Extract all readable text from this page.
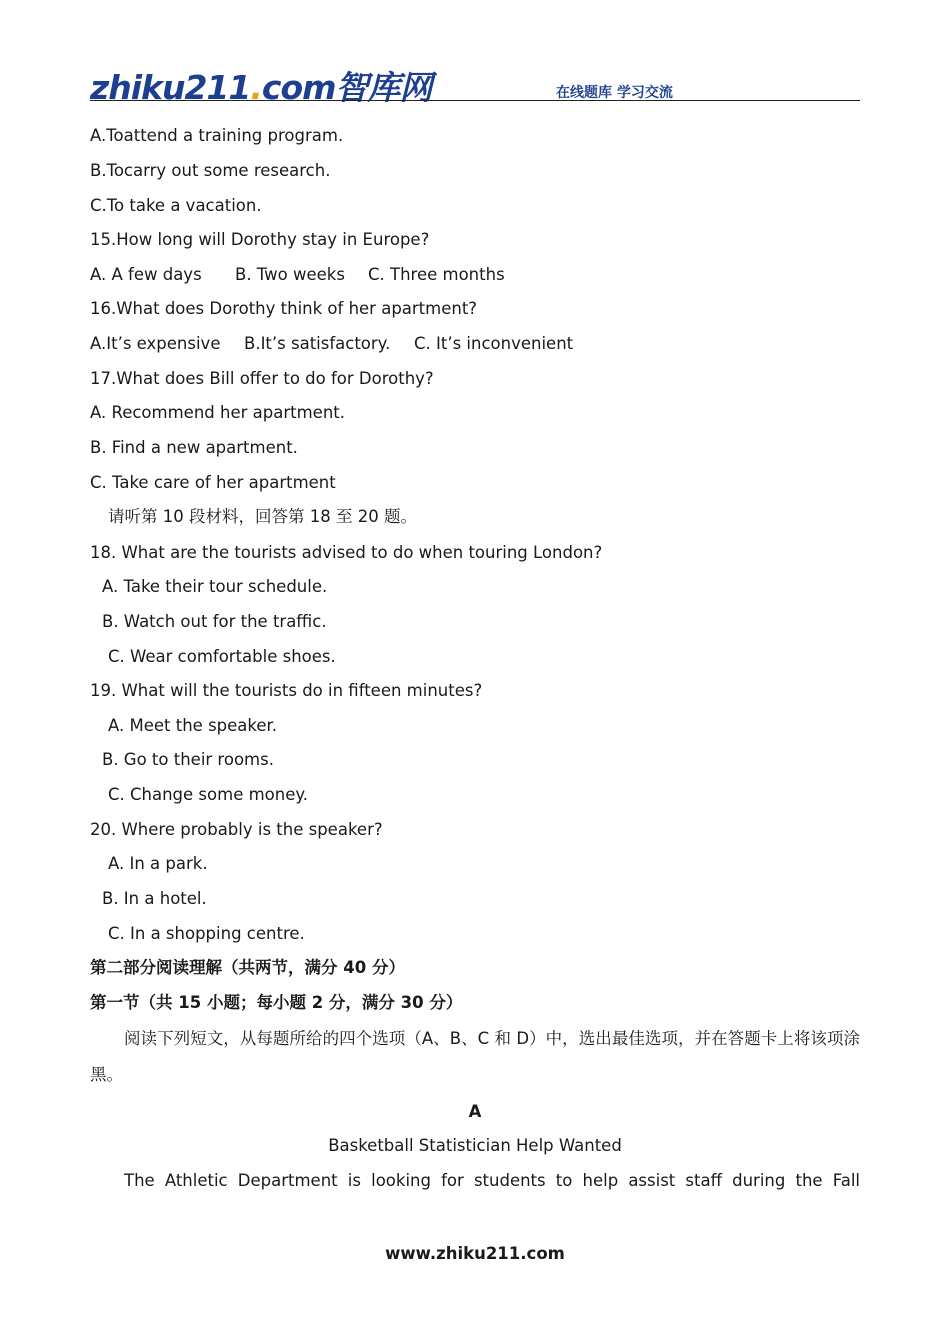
zhiku211.com智库网	在线题库 学习交流
A.Toattend a training program.
B.Tocarry out some research.
C.To take a vacation.
15.How long will Dorothy stay in Europe?
A. A few days B. Two weeks C. Three months
16.What does Dorothy think of her apartment?
A.It’s expensive B.It’s satisfactory. C. It’s inconvenient
17.What does Bill offer to do for Dorothy?
A. Recommend her apartment.
B. Find a new apartment.
C. Take care of her apartment
请听第 10 段材料，回答第 18 至 20 题。
18. What are the tourists advised to do when touring London?
A. Take their tour schedule.
B. Watch out for the traffic.
C. Wear comfortable shoes.
19. What will the tourists do in fifteen minutes?
A. Meet the speaker.
B. Go to their rooms.
C. Change some money.
20. Where probably is the speaker?
A. In a park.
B. In a hotel.
C. In a shopping centre.
第二部分阅读理解（共两节，满分 40 分）
第一节（共 15 小题；每小题 2 分，满分 30 分）
阅读下列短文，从每题所给的四个选项（A、B、C 和 D）中，选出最佳选项，并在答题卡上将该项涂黑。
A
Basketball Statistician Help Wanted
The Athletic Department is looking for students to help assist staff during the Fall
www.zhiku211.com
